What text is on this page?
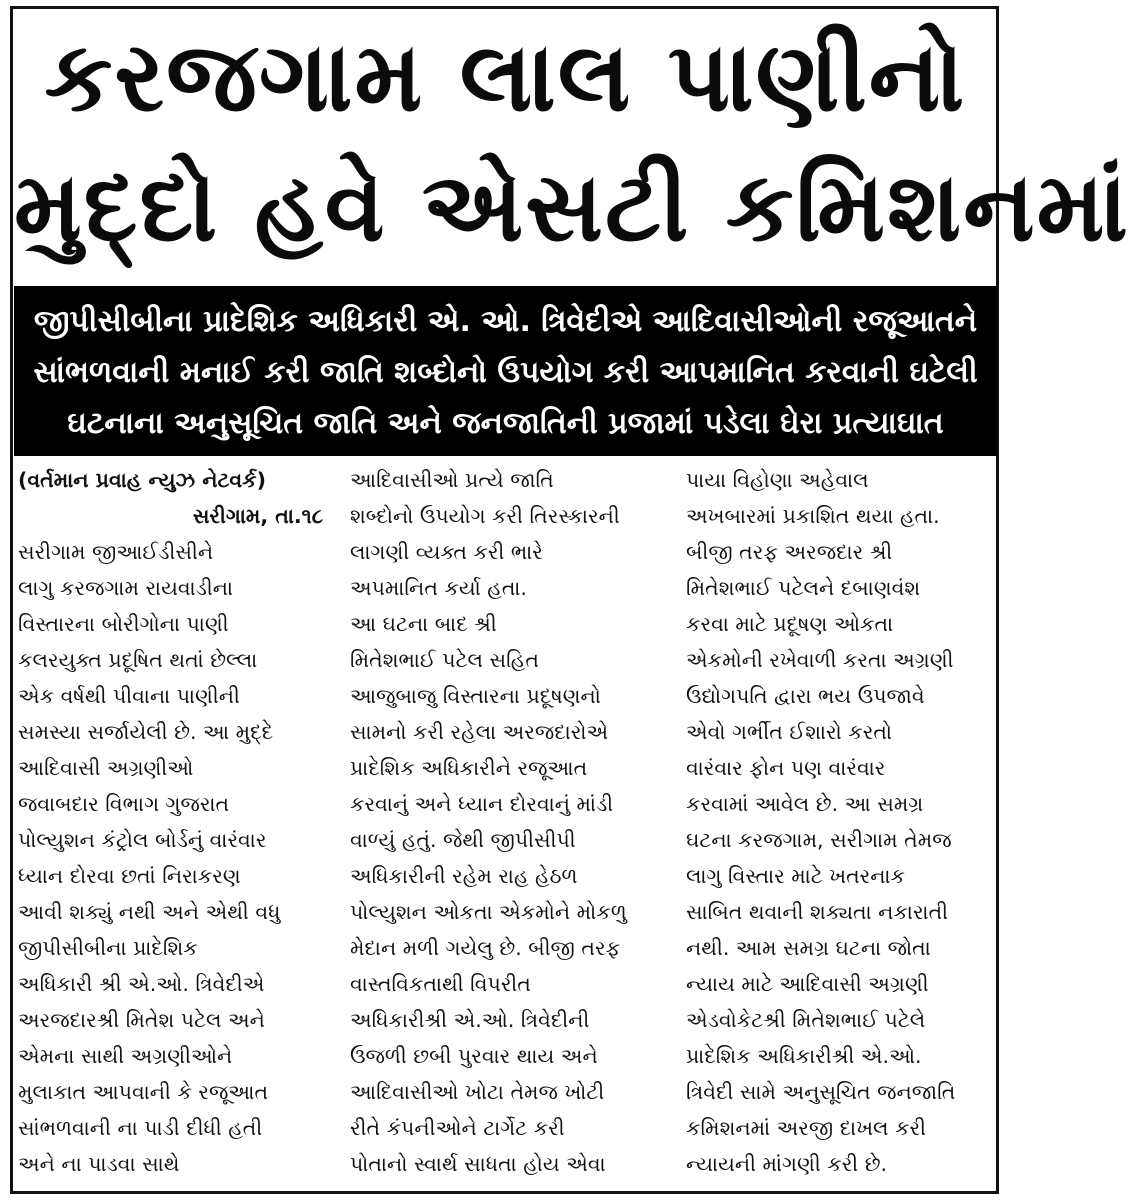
કરજગામ લાલ પાણીનો
મુદ્દો હવે એસટી કમિશનમાં
જીપીસીબીના પ્રાદેશિક અધિકારી એ. ઓ. ત્રિવેદીએ આદિવાસીઓની રજૂઆતને
સાંભળવાની મનાઈ કરી જાતિ શબ્દોનો ઉપયોગ કરી આપમાનિત કરવાની ઘટેલી
ઘટનાના અનુસૂચિત જાતિ અને જનજાતિની પ્રજામાં પડેલા ઘેરા પ્રત્યાઘાત

(વર્તમાન પ્રવાહ ન્યુઝ નેટવર્ક)

સરીગામ, તા.૧૮

સરીગામ જીઆઈડીસીને

લાગુ કરજગામ રાયવાડીના

વિસ્તારના બોરીગોના પાણી

કલરયુક્ત પ્રદૂષિત થતાં છેલ્લા

એક વર્ષથી પીવાના પાણીની

સમસ્યા સર્જાયેલી છે. આ મુદ્દે

આદિવાસી અગ્રણીઓ

જવાબદાર વિભાગ ગુજરાત

પોલ્યુશન કંટ્રોલ બોર્ડનું વારંવાર

ધ્યાન દોરવા છતાં નિરાકરણ

આવી શક્યું નથી અને એથી વધુ

જીપીસીબીના પ્રાદેશિક

અધિકારી શ્રી એ.ઓ. ત્રિવેદીએ

અરજદારશ્રી મિતેશ પટેલ અને

એમના સાથી અગ્રણીઓને

મુલાકાત આપવાની કે રજૂઆત

સાંભળવાની ના પાડી દીધી હતી

અને ના પાડવા સાથે

આદિવાસીઓ પ્રત્યે જાતિ

શબ્દોનો ઉપયોગ કરી તિરસ્કારની

લાગણી વ્યક્ત કરી ભારે

અપમાનિત કર્યા હતા.

આ ઘટના બાદ શ્રી

મિતેશભાઈ પટેલ સહિત

આજુબાજુ વિસ્તારના પ્રદૂષણનો

સામનો કરી રહેલા અરજદારોએ

પ્રાદેશિક અધિકારીને રજૂઆત

કરવાનું અને ધ્યાન દોરવાનું માંડી

વાળ્યું હતું. જેથી જીપીસીપી

અધિકારીની રહેમ રાહ હેઠળ

પોલ્યુશન ઓકતા એકમોને મોકળુ

મેદાન મળી ગયેલુ છે. બીજી તરફ

વાસ્તવિકતાથી વિપરીત

અધિકારીશ્રી એ.ઓ. ત્રિવેદીની

ઉજળી છબી પુરવાર થાય અને

આદિવાસીઓ ખોટા તેમજ ખોટી

રીતે કંપનીઓને ટાર્ગેટ કરી

પોતાનો સ્વાર્થ સાધતા હોય એવા

પાયા વિહોણા અહેવાલ

અખબારમાં પ્રકાશિત થયા હતા.

બીજી તરફ અરજદાર શ્રી

મિતેશભાઈ પટેલને દબાણવંશ

કરવા માટે પ્રદૂષણ ઓકતા

એકમોની રખેવાળી કરતા અગ્રણી

ઉદ્યોગપતિ દ્વારા ભય ઉપજાવે

એવો ગર્ભીત ઈશારો કરતો

વારંવાર ફોન પણ વારંવાર

કરવામાં આવેલ છે. આ સમગ્ર

ઘટના કરજગામ, સરીગામ તેમજ

લાગુ વિસ્તાર માટે ખતરનાક

સાબિત થવાની શક્યતા નકારાતી

નથી. આમ સમગ્ર ઘટના જોતા

ન્યાય માટે આદિવાસી અગ્રણી

એડવોકેટશ્રી મિતેશભાઈ પટેલે

પ્રાદેશિક અધિકારીશ્રી એ.ઓ.

ત્રિવેદી સામે અનુસૂચિત જનજાતિ

કમિશનમાં અરજી દાખલ કરી

ન્યાયની માંગણી કરી છે.
